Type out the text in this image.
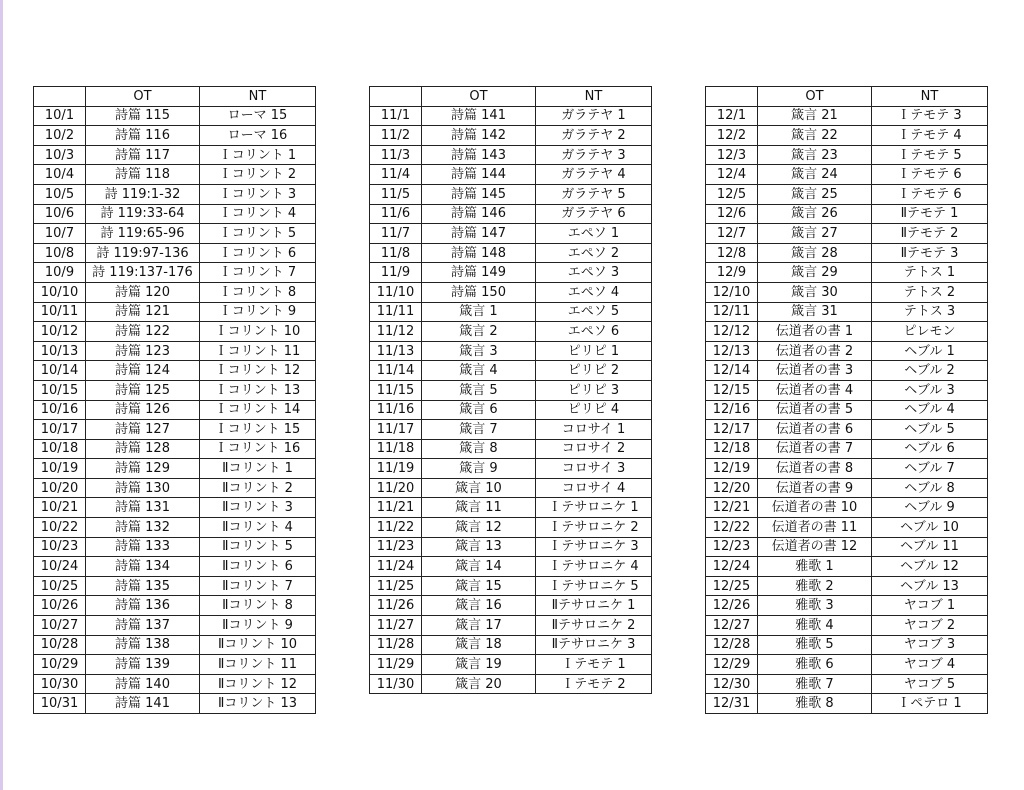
	OT	NT
10/1	詩篇 115	ローマ 15
10/2	詩篇 116	ローマ 16
10/3	詩篇 117	Ｉコリント 1
10/4	詩篇 118	Ｉコリント 2
10/5	詩 119:1-32	Ｉコリント 3
10/6	詩 119:33-64	Ｉコリント 4
10/7	詩 119:65-96	Ｉコリント 5
10/8	詩 119:97-136	Ｉコリント 6
10/9	詩 119:137-176	Ｉコリント 7
10/10	詩篇 120	Ｉコリント 8
10/11	詩篇 121	Ｉコリント 9
10/12	詩篇 122	Ｉコリント 10
10/13	詩篇 123	Ｉコリント 11
10/14	詩篇 124	Ｉコリント 12
10/15	詩篇 125	Ｉコリント 13
10/16	詩篇 126	Ｉコリント 14
10/17	詩篇 127	Ｉコリント 15
10/18	詩篇 128	Ｉコリント 16
10/19	詩篇 129	Ⅱコリント 1
10/20	詩篇 130	Ⅱコリント 2
10/21	詩篇 131	Ⅱコリント 3
10/22	詩篇 132	Ⅱコリント 4
10/23	詩篇 133	Ⅱコリント 5
10/24	詩篇 134	Ⅱコリント 6
10/25	詩篇 135	Ⅱコリント 7
10/26	詩篇 136	Ⅱコリント 8
10/27	詩篇 137	Ⅱコリント 9
10/28	詩篇 138	Ⅱコリント 10
10/29	詩篇 139	Ⅱコリント 11
10/30	詩篇 140	Ⅱコリント 12
10/31	詩篇 141	Ⅱコリント 13
	OT	NT
11/1	詩篇 141	ガラテヤ 1
11/2	詩篇 142	ガラテヤ 2
11/3	詩篇 143	ガラテヤ 3
11/4	詩篇 144	ガラテヤ 4
11/5	詩篇 145	ガラテヤ 5
11/6	詩篇 146	ガラテヤ 6
11/7	詩篇 147	エペソ 1
11/8	詩篇 148	エペソ 2
11/9	詩篇 149	エペソ 3
11/10	詩篇 150	エペソ 4
11/11	箴言 1	エペソ 5
11/12	箴言 2	エペソ 6
11/13	箴言 3	ピリピ 1
11/14	箴言 4	ピリピ 2
11/15	箴言 5	ピリピ 3
11/16	箴言 6	ピリピ 4
11/17	箴言 7	コロサイ 1
11/18	箴言 8	コロサイ 2
11/19	箴言 9	コロサイ 3
11/20	箴言 10	コロサイ 4
11/21	箴言 11	Ｉテサロニケ 1
11/22	箴言 12	Ｉテサロニケ 2
11/23	箴言 13	Ｉテサロニケ 3
11/24	箴言 14	Ｉテサロニケ 4
11/25	箴言 15	Ｉテサロニケ 5
11/26	箴言 16	Ⅱテサロニケ 1
11/27	箴言 17	Ⅱテサロニケ 2
11/28	箴言 18	Ⅱテサロニケ 3
11/29	箴言 19	Ｉテモテ 1
11/30	箴言 20	Ｉテモテ 2
	OT	NT
12/1	箴言 21	Ｉテモテ 3
12/2	箴言 22	Ｉテモテ 4
12/3	箴言 23	Ｉテモテ 5
12/4	箴言 24	Ｉテモテ 6
12/5	箴言 25	Ｉテモテ 6
12/6	箴言 26	Ⅱテモテ 1
12/7	箴言 27	Ⅱテモテ 2
12/8	箴言 28	Ⅱテモテ 3
12/9	箴言 29	テトス 1
12/10	箴言 30	テトス 2
12/11	箴言 31	テトス 3
12/12	伝道者の書 1	ピレモン
12/13	伝道者の書 2	ヘブル 1
12/14	伝道者の書 3	ヘブル 2
12/15	伝道者の書 4	ヘブル 3
12/16	伝道者の書 5	ヘブル 4
12/17	伝道者の書 6	ヘブル 5
12/18	伝道者の書 7	ヘブル 6
12/19	伝道者の書 8	ヘブル 7
12/20	伝道者の書 9	ヘブル 8
12/21	伝道者の書 10	ヘブル 9
12/22	伝道者の書 11	ヘブル 10
12/23	伝道者の書 12	ヘブル 11
12/24	雅歌 1	ヘブル 12
12/25	雅歌 2	ヘブル 13
12/26	雅歌 3	ヤコブ 1
12/27	雅歌 4	ヤコブ 2
12/28	雅歌 5	ヤコブ 3
12/29	雅歌 6	ヤコブ 4
12/30	雅歌 7	ヤコブ 5
12/31	雅歌 8	Ｉペテロ 1
